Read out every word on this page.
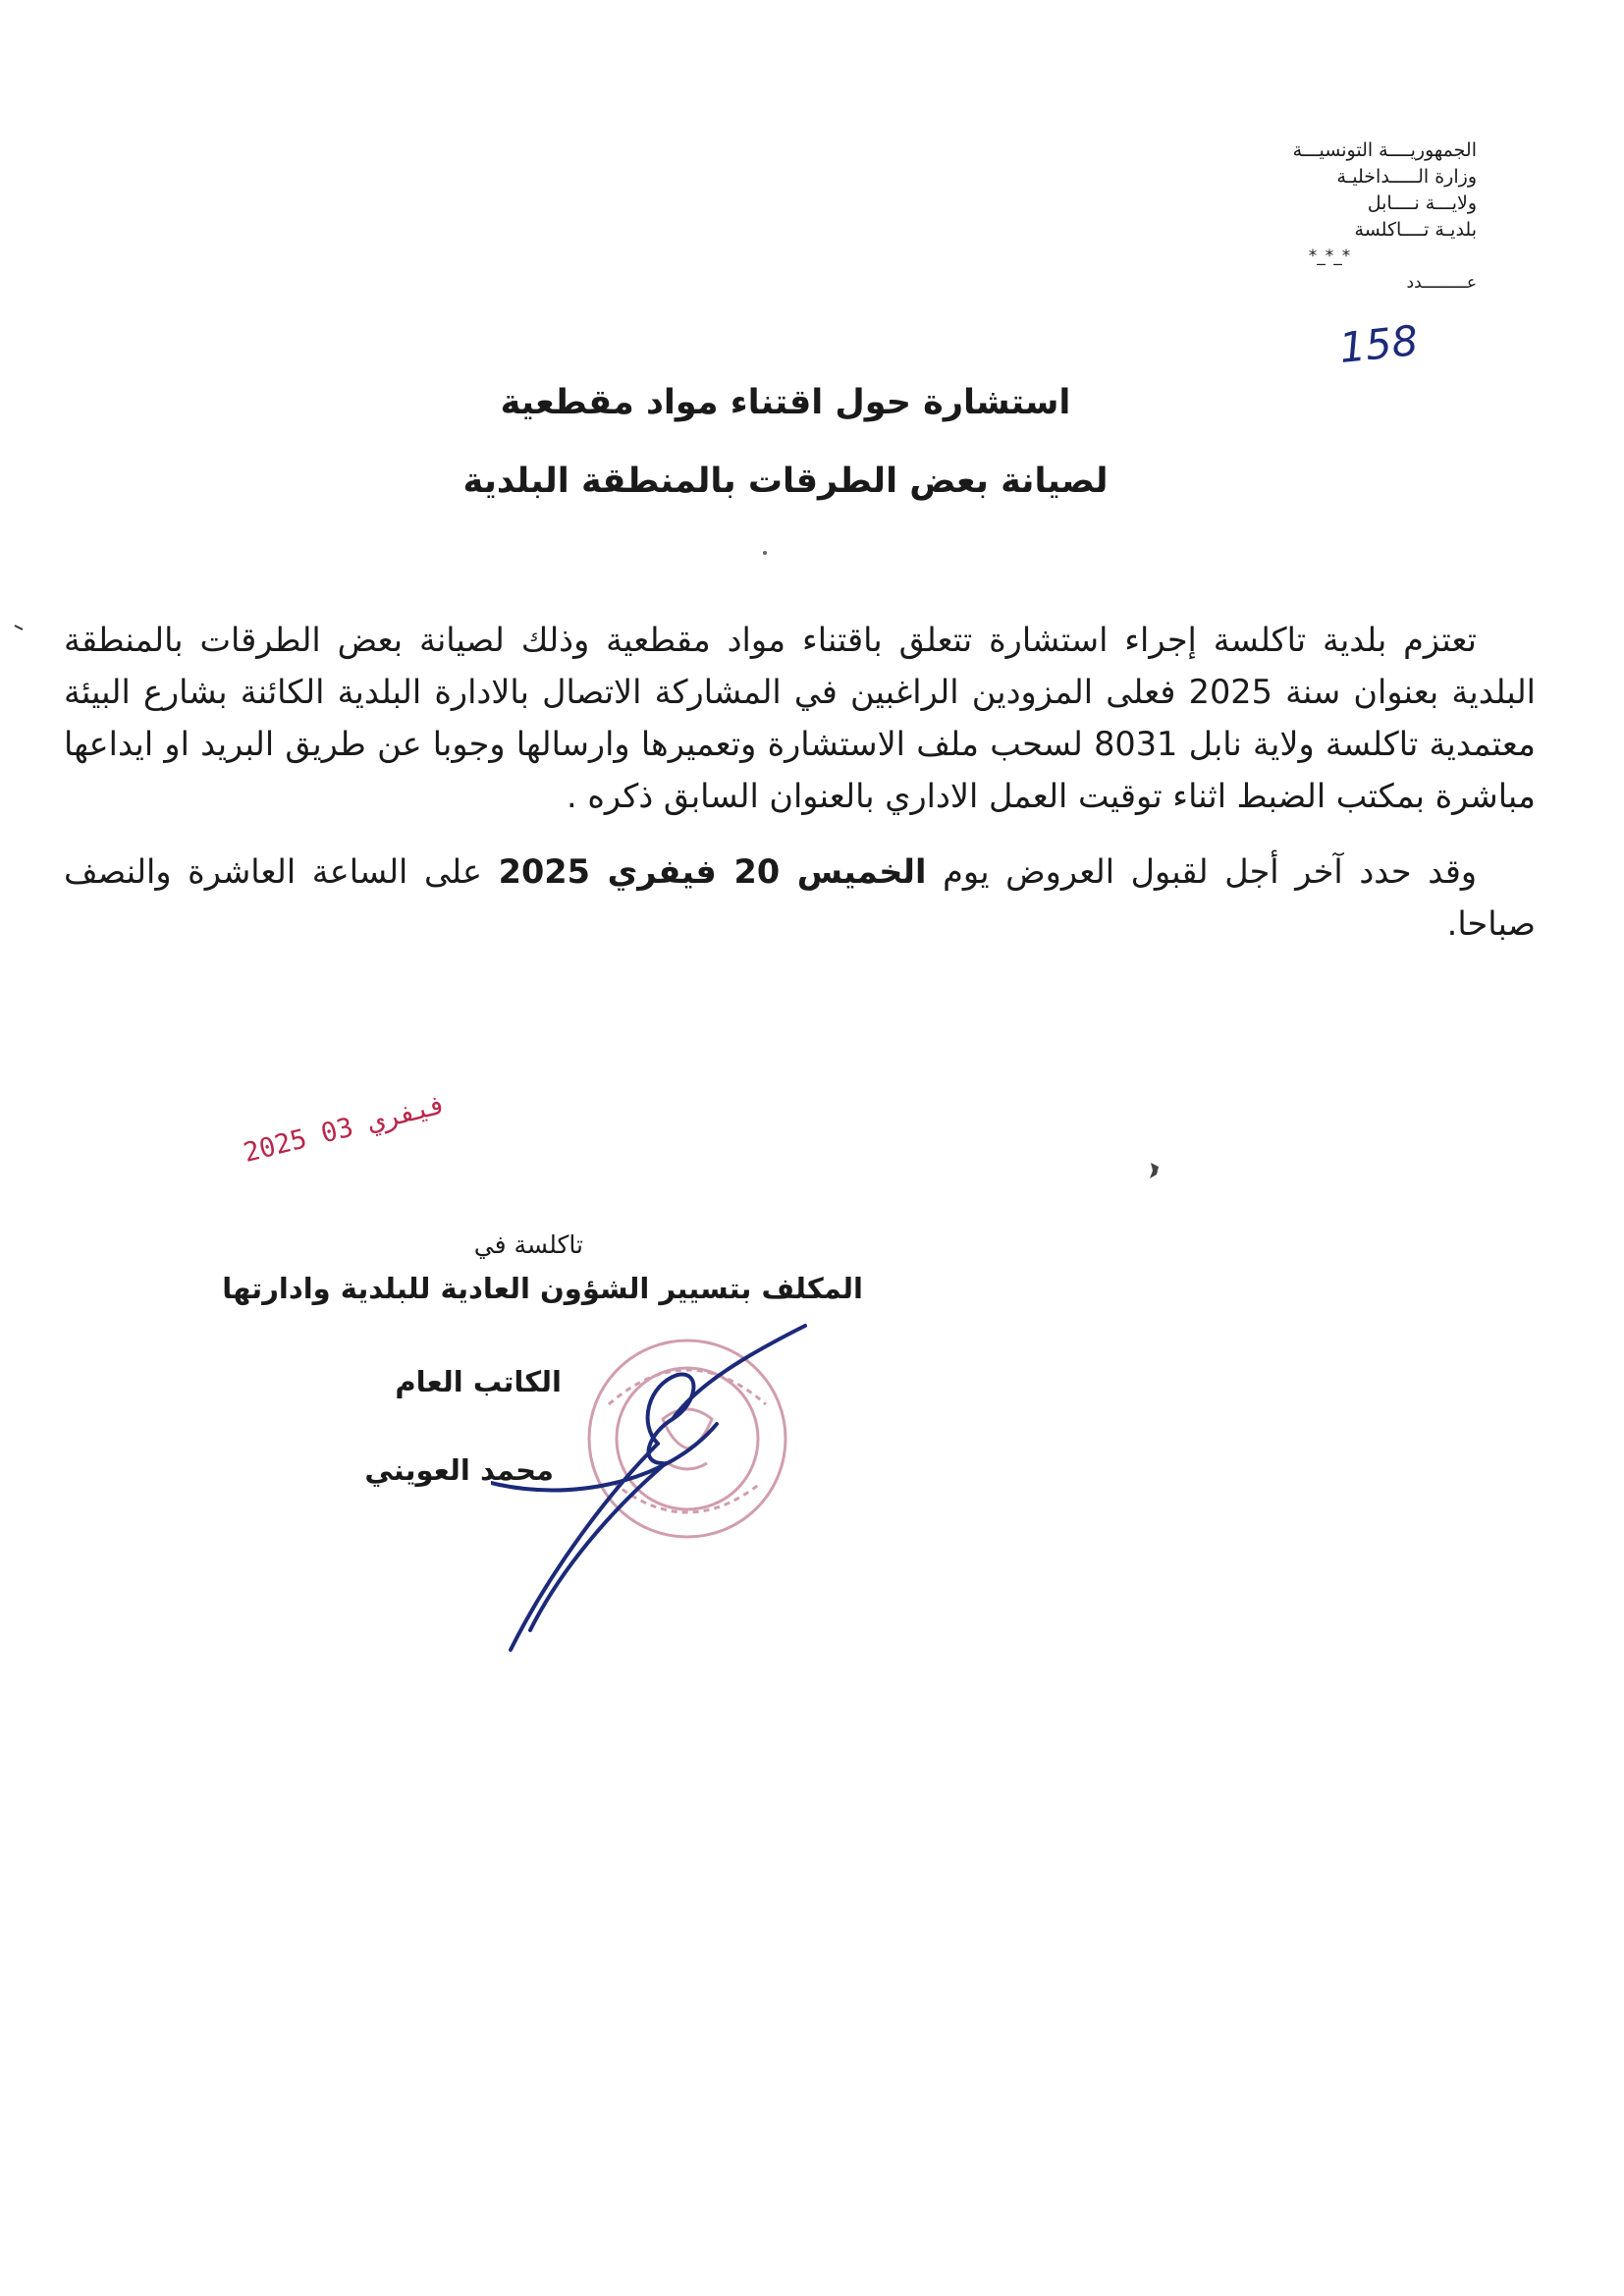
الجمهوريــــة التونسيـــة
وزارة الـــــداخليـة
ولايـــة نــــابل
بلديـة تــــاكلسة
*_*_*
عـــــــــدد
158
استشارة حول اقتناء مواد مقطعية
لصيانة بعض الطرقات بالمنطقة البلدية

تعتزم بلدية تاكلسة إجراء استشارة تتعلق باقتناء مواد مقطعية وذلك لصيانة بعض الطرقات بالمنطقة البلدية بعنوان سنة 2025 فعلى المزودين الراغبين في المشاركة الاتصال بالادارة البلدية الكائنة بشارع البيئة معتمدية تاكلسة ولاية نابل 8031 لسحب ملف الاستشارة وتعميرها وارسالها وجوبا عن طريق البريد او ايداعها مباشرة بمكتب الضبط اثناء توقيت العمل الاداري بالعنوان السابق ذكره .

وقد حدد آخر أجل لقبول العروض يوم الخميس 20 فيفري 2025 على الساعة العاشرة والنصف صباحا.

2025 فيفري 03
تاكلسة في
المكلف بتسيير الشؤون العادية للبلدية وادارتها
الكاتب العام
محمد العويني
